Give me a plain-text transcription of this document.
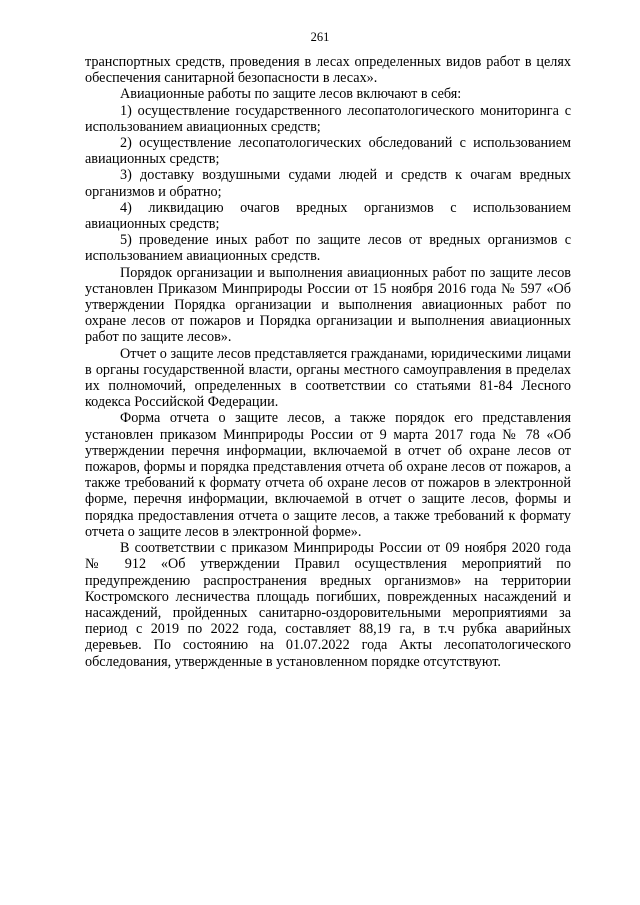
261

транспортных средств, проведения в лесах определенных видов работ в целях обеспечения санитарной безопасности в лесах».

Авиационные работы по защите лесов включают в себя:

1) осуществление государственного лесопатологического мониторинга с использованием авиационных средств;

2) осуществление лесопатологических обследований с использованием авиационных средств;

3) доставку воздушными судами людей и средств к очагам вредных организмов и обратно;

4) ликвидацию очагов вредных организмов с использованием авиационных средств;

5) проведение иных работ по защите лесов от вредных организмов с использованием авиационных средств.

Порядок организации и выполнения авиационных работ по защите лесов установлен Приказом Минприроды России от 15 ноября 2016 года № 597 «Об утверждении Порядка организации и выполнения авиационных работ по охране лесов от пожаров и Порядка организации и выполнения авиационных работ по защите лесов».

Отчет о защите лесов представляется гражданами, юридическими лицами в органы государственной власти, органы местного самоуправления в пределах их полномочий, определенных в соответствии со статьями 81-84 Лесного кодекса Российской Федерации.

Форма отчета о защите лесов, а также порядок его представления установлен приказом Минприроды России от 9 марта 2017 года № 78 «Об утверждении перечня информации, включаемой в отчет об охране лесов от пожаров, формы и порядка представления отчета об охране лесов от пожаров, а также требований к формату отчета об охране лесов от пожаров в электронной форме, перечня информации, включаемой в отчет о защите лесов, формы и порядка предоставления отчета о защите лесов, а также требований к формату отчета о защите лесов в электронной форме».

В соответствии с приказом Минприроды России от 09 ноября 2020 года № 912 «Об утверждении Правил осуществления мероприятий по предупреждению распространения вредных организмов» на территории Костромского лесничества площадь погибших, поврежденных насаждений и насаждений, пройденных санитарно-оздоровительными мероприятиями за период с 2019 по 2022 года, составляет 88,19 га, в т.ч рубка аварийных деревьев. По состоянию на 01.07.2022 года Акты лесопатологического обследования, утвержденные в установленном порядке отсутствуют.
